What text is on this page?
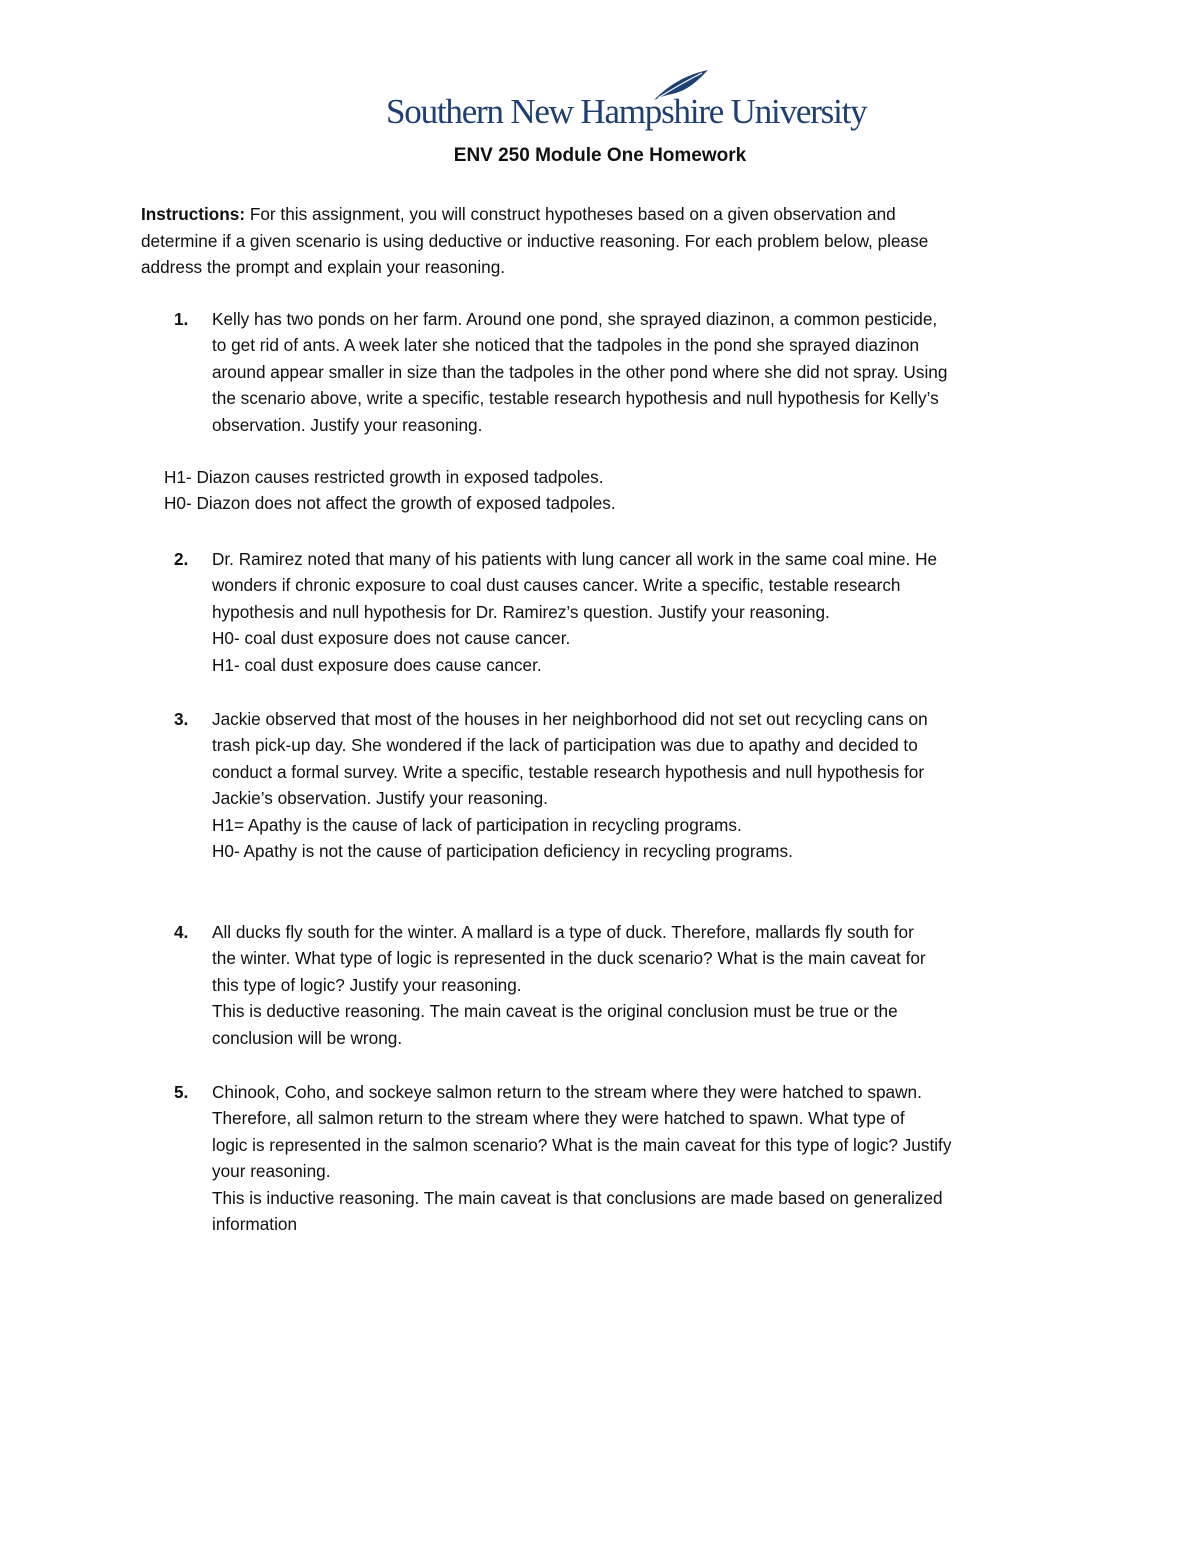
Southern New Hampshire University
ENV 250 Module One Homework
Instructions: For this assignment, you will construct hypotheses based on a given observation and
determine if a given scenario is using deductive or inductive reasoning. For each problem below, please
address the prompt and explain your reasoning.
1. Kelly has two ponds on her farm. Around one pond, she sprayed diazinon, a common pesticide,
to get rid of ants. A week later she noticed that the tadpoles in the pond she sprayed diazinon
around appear smaller in size than the tadpoles in the other pond where she did not spray. Using
the scenario above, write a specific, testable research hypothesis and null hypothesis for Kelly’s
observation. Justify your reasoning.
H1- Diazon causes restricted growth in exposed tadpoles.
H0- Diazon does not affect the growth of exposed tadpoles.
2. Dr. Ramirez noted that many of his patients with lung cancer all work in the same coal mine. He
wonders if chronic exposure to coal dust causes cancer. Write a specific, testable research
hypothesis and null hypothesis for Dr. Ramirez’s question. Justify your reasoning.
H0- coal dust exposure does not cause cancer.
H1- coal dust exposure does cause cancer.
3. Jackie observed that most of the houses in her neighborhood did not set out recycling cans on
trash pick-up day. She wondered if the lack of participation was due to apathy and decided to
conduct a formal survey. Write a specific, testable research hypothesis and null hypothesis for
Jackie’s observation. Justify your reasoning.
H1= Apathy is the cause of lack of participation in recycling programs.
H0- Apathy is not the cause of participation deficiency in recycling programs.
4. All ducks fly south for the winter. A mallard is a type of duck. Therefore, mallards fly south for
the winter. What type of logic is represented in the duck scenario? What is the main caveat for
this type of logic? Justify your reasoning.
This is deductive reasoning. The main caveat is the original conclusion must be true or the
conclusion will be wrong.
5. Chinook, Coho, and sockeye salmon return to the stream where they were hatched to spawn.
Therefore, all salmon return to the stream where they were hatched to spawn. What type of
logic is represented in the salmon scenario? What is the main caveat for this type of logic? Justify
your reasoning.
This is inductive reasoning. The main caveat is that conclusions are made based on generalized
information
